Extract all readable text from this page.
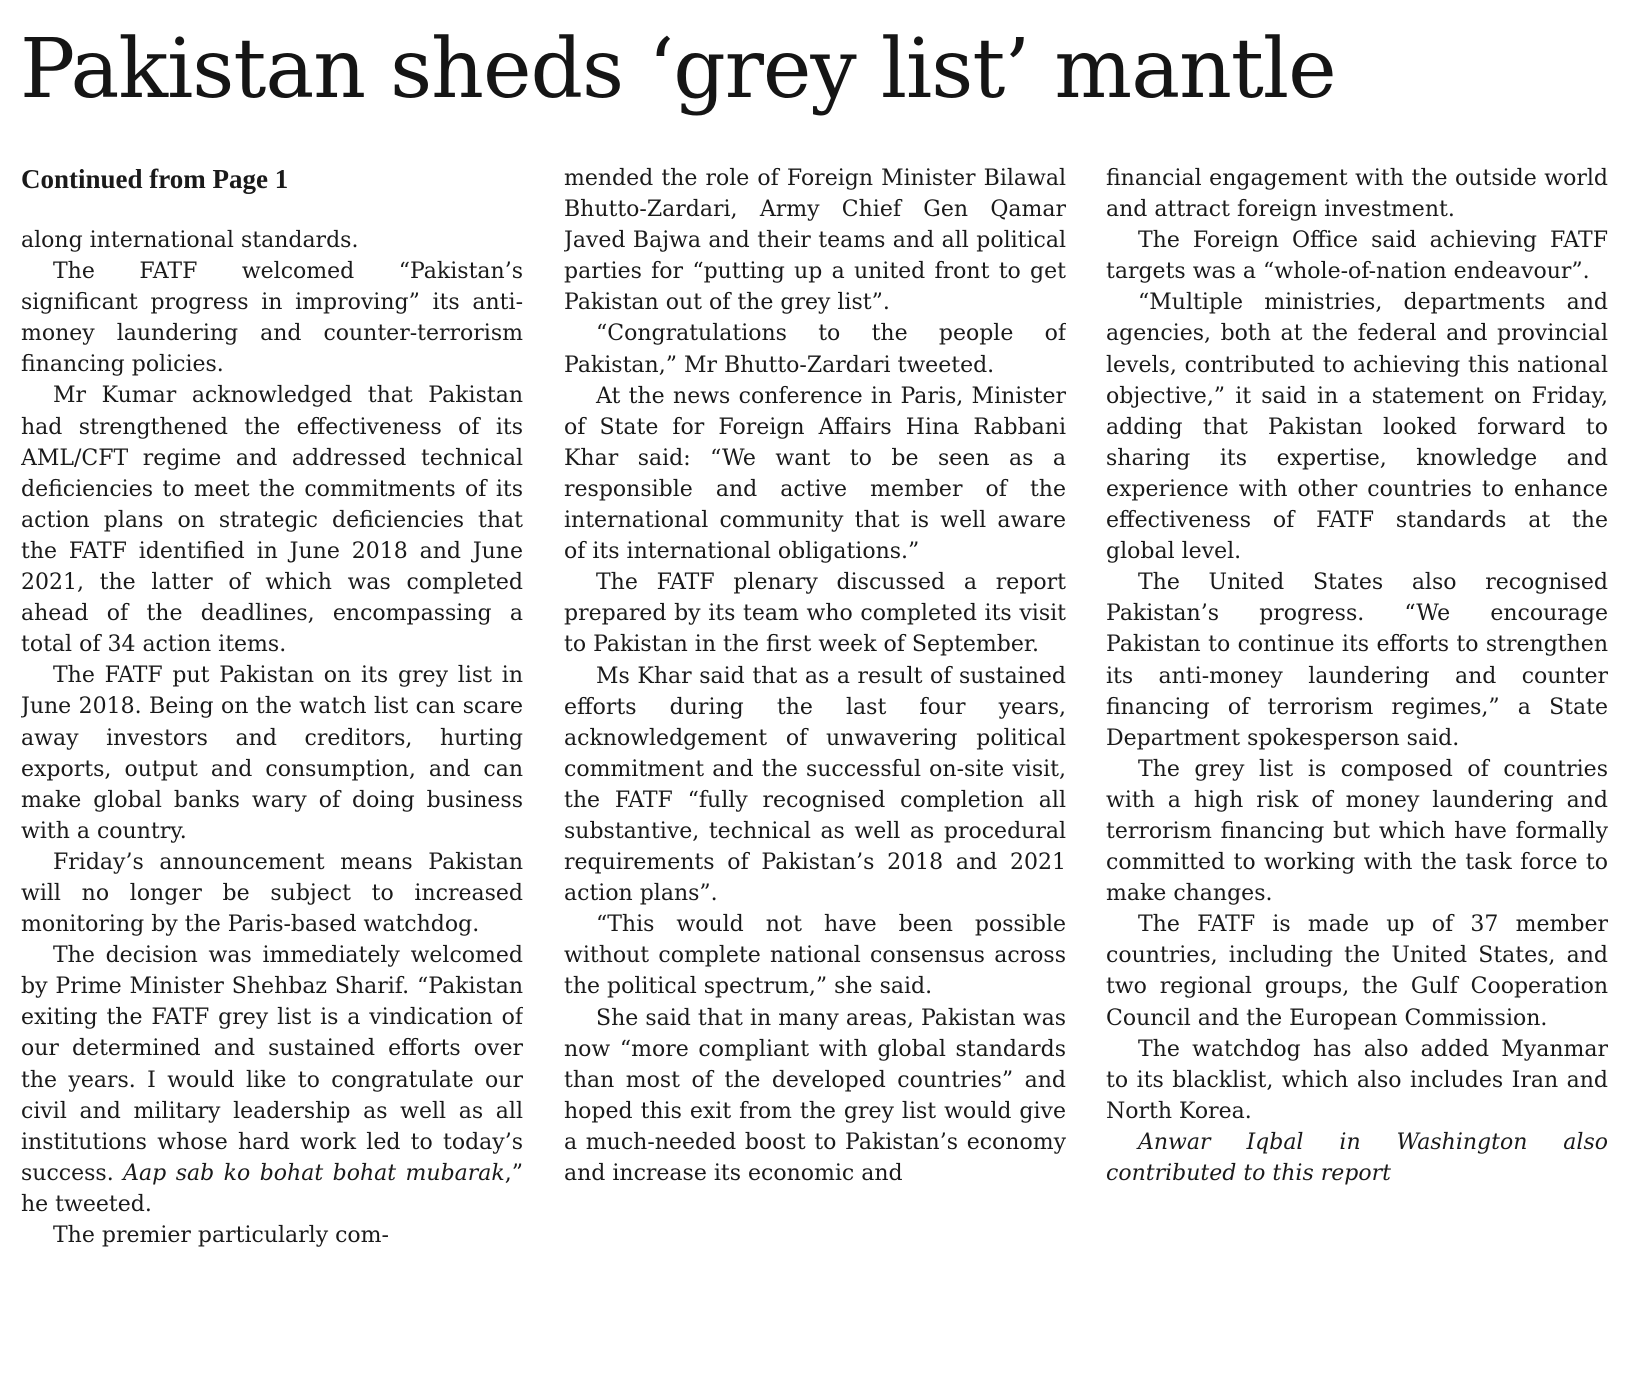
Pakistan sheds ‘grey list’ mantle
Continued from Page 1

along international standards.

The FATF welcomed “Pakistan’s significant progress in improving” its anti-money laundering and counter-terrorism financing policies.

Mr Kumar acknowledged that Pakistan had strengthened the effectiveness of its AML/CFT regime and addressed technical deficiencies to meet the commitments of its action plans on strategic deficiencies that the FATF identified in June 2018 and June 2021, the latter of which was completed ahead of the deadlines, encompassing a total of 34 action items.

The FATF put Pakistan on its grey list in June 2018. Being on the watch list can scare away investors and creditors, hurting exports, output and consumption, and can make global banks wary of doing business with a country.

Friday’s announcement means Pakistan will no longer be subject to increased monitoring by the Paris-based watchdog.

The decision was immediately welcomed by Prime Minister Shehbaz Sharif. “Pakistan exiting the FATF grey list is a vindication of our determined and sustained efforts over the years. I would like to congratulate our civil and military leadership as well as all institutions whose hard work led to today’s success. Aap sab ko bohat bohat mubarak,” he tweeted.

The premier particularly com-

mended the role of Foreign Minister Bilawal Bhutto-Zardari, Army Chief Gen Qamar Javed Bajwa and their teams and all political parties for “putting up a united front to get Pakistan out of the grey list”.

“Congratulations to the people of Pakistan,” Mr Bhutto-Zardari tweeted.

At the news conference in Paris, Minister of State for Foreign Affairs Hina Rabbani Khar said: “We want to be seen as a responsible and active member of the international community that is well aware of its international obligations.”

The FATF plenary discussed a report prepared by its team who completed its visit to Pakistan in the first week of September.

Ms Khar said that as a result of sustained efforts during the last four years, acknowledgement of unwavering political commitment and the successful on-site visit, the FATF “fully recognised completion all substantive, technical as well as procedural requirements of Pakistan’s 2018 and 2021 action plans”.

“This would not have been possible without complete national consensus across the political spectrum,” she said.

She said that in many areas, Pakistan was now “more compliant with global standards than most of the developed countries” and hoped this exit from the grey list would give a much-needed boost to Pakistan’s economy and increase its economic and

financial engagement with the outside world and attract foreign investment.

The Foreign Office said achieving FATF targets was a “whole-of-nation endeavour”.

“Multiple ministries, departments and agencies, both at the federal and provincial levels, contributed to achieving this national objective,” it said in a statement on Friday, adding that Pakistan looked forward to sharing its expertise, knowledge and experience with other countries to enhance effectiveness of FATF standards at the global level.

The United States also recognised Pakistan’s progress. “We encourage Pakistan to continue its efforts to strengthen its anti-money laundering and counter financing of terrorism regimes,” a State Department spokesperson said.

The grey list is composed of countries with a high risk of money laundering and terrorism financing but which have formally committed to working with the task force to make changes.

The FATF is made up of 37 member countries, including the United States, and two regional groups, the Gulf Cooperation Council and the European Commission.

The watchdog has also added Myanmar to its blacklist, which also includes Iran and North Korea.

Anwar Iqbal in Washington also contributed to this report
